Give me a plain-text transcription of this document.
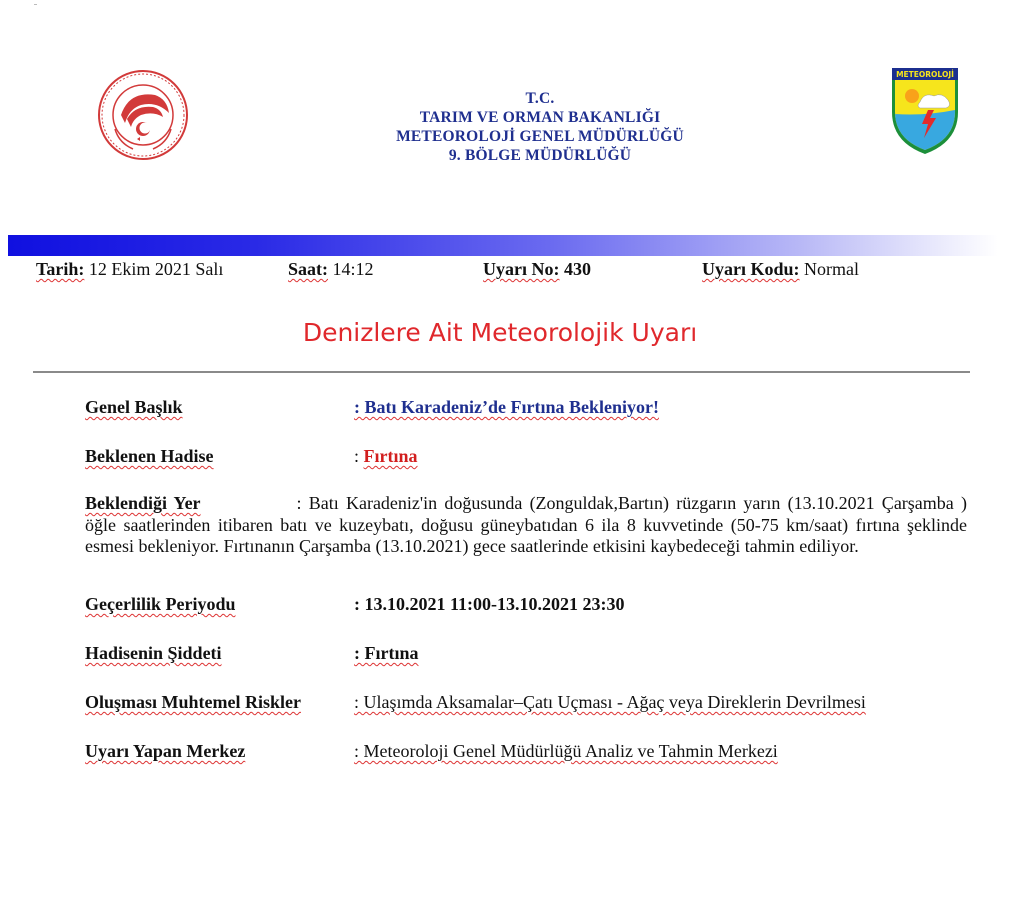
T.C.
TARIM VE ORMAN BAKANLIĞI
METEOROLOJİ GENEL MÜDÜRLÜĞÜ
9. BÖLGE MÜDÜRLÜĞÜ
METEOROLOJİ
Tarih: 12 Ekim 2021 Salı	Saat: 14:12	Uyarı No: 430	Uyarı Kodu: Normal
Denizlere Ait Meteorolojik Uyarı
Genel Başlık	: Batı Karadeniz’de Fırtına Bekleniyor!
Beklenen Hadise	: Fırtına
Beklendiği Yer	: Batı Karadeniz'in doğusunda (Zonguldak,Bartın) rüzgarın yarın (13.10.2021 Çarşamba ) öğle saatlerinden itibaren batı ve kuzeybatı, doğusu güneybatıdan 6 ila 8 kuvvetinde (50-75 km/saat) fırtına şeklinde esmesi bekleniyor. Fırtınanın Çarşamba (13.10.2021) gece saatlerinde etkisini kaybedeceği tahmin ediliyor.
Geçerlilik Periyodu	: 13.10.2021 11:00-13.10.2021 23:30
Hadisenin Şiddeti	: Fırtına
Oluşması Muhtemel Riskler	: Ulaşımda Aksamalar–Çatı Uçması - Ağaç veya Direklerin Devrilmesi
Uyarı Yapan Merkez	: Meteoroloji Genel Müdürlüğü Analiz ve Tahmin Merkezi
